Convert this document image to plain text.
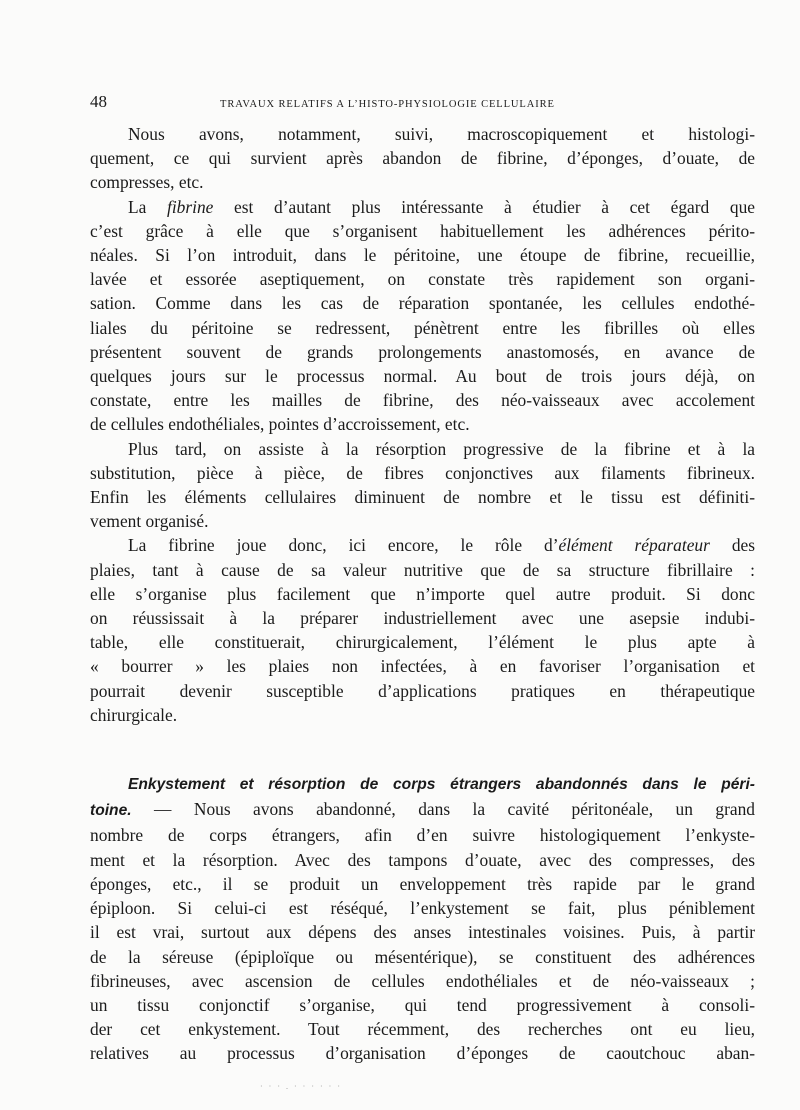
48	TRAVAUX RELATIFS A L’HISTO-PHYSIOLOGIE CELLULAIRE

Nous avons, notamment, suivi, macroscopiquement et histologi-
quement, ce qui survient après abandon de fibrine, d’éponges, d’ouate, de
compresses, etc.

La fibrine est d’autant plus intéressante à étudier à cet égard que
c’est grâce à elle que s’organisent habituellement les adhérences périto-
néales. Si l’on introduit, dans le péritoine, une étoupe de fibrine, recueillie,
lavée et essorée aseptiquement, on constate très rapidement son organi-
sation. Comme dans les cas de réparation spontanée, les cellules endothé-
liales du péritoine se redressent, pénètrent entre les fibrilles où elles
présentent souvent de grands prolongements anastomosés, en avance de
quelques jours sur le processus normal. Au bout de trois jours déjà, on
constate, entre les mailles de fibrine, des néo-vaisseaux avec accolement
de cellules endothéliales, pointes d’accroissement, etc.

Plus tard, on assiste à la résorption progressive de la fibrine et à la
substitution, pièce à pièce, de fibres conjonctives aux filaments fibrineux.
Enfin les éléments cellulaires diminuent de nombre et le tissu est définiti-
vement organisé.

La fibrine joue donc, ici encore, le rôle d’élément réparateur des
plaies, tant à cause de sa valeur nutritive que de sa structure fibrillaire :
elle s’organise plus facilement que n’importe quel autre produit. Si donc
on réussissait à la préparer industriellement avec une asepsie indubi-
table, elle constituerait, chirurgicalement, l’élément le plus apte à
« bourrer » les plaies non infectées, à en favoriser l’organisation et
pourrait devenir susceptible d’applications pratiques en thérapeutique
chirurgicale.

Enkystement et résorption de corps étrangers abandonnés dans le péri-
toine. — Nous avons abandonné, dans la cavité péritonéale, un grand
nombre de corps étrangers, afin d’en suivre histologiquement l’enkyste-
ment et la résorption. Avec des tampons d’ouate, avec des compresses, des
éponges, etc., il se produit un enveloppement très rapide par le grand
épiploon. Si celui-ci est réséqué, l’enkystement se fait, plus péniblement
il est vrai, surtout aux dépens des anses intestinales voisines. Puis, à partir
de la séreuse (épiploïque ou mésentérique), se constituent des adhérences
fibrineuses, avec ascension de cellules endothéliales et de néo-vaisseaux ;
un tissu conjonctif s’organise, qui tend progressivement à consoli-
der cet enkystement. Tout récemment, des recherches ont eu lieu,
relatives au processus d’organisation d’éponges de caoutchouc aban-

· · · . · · · · · ·
